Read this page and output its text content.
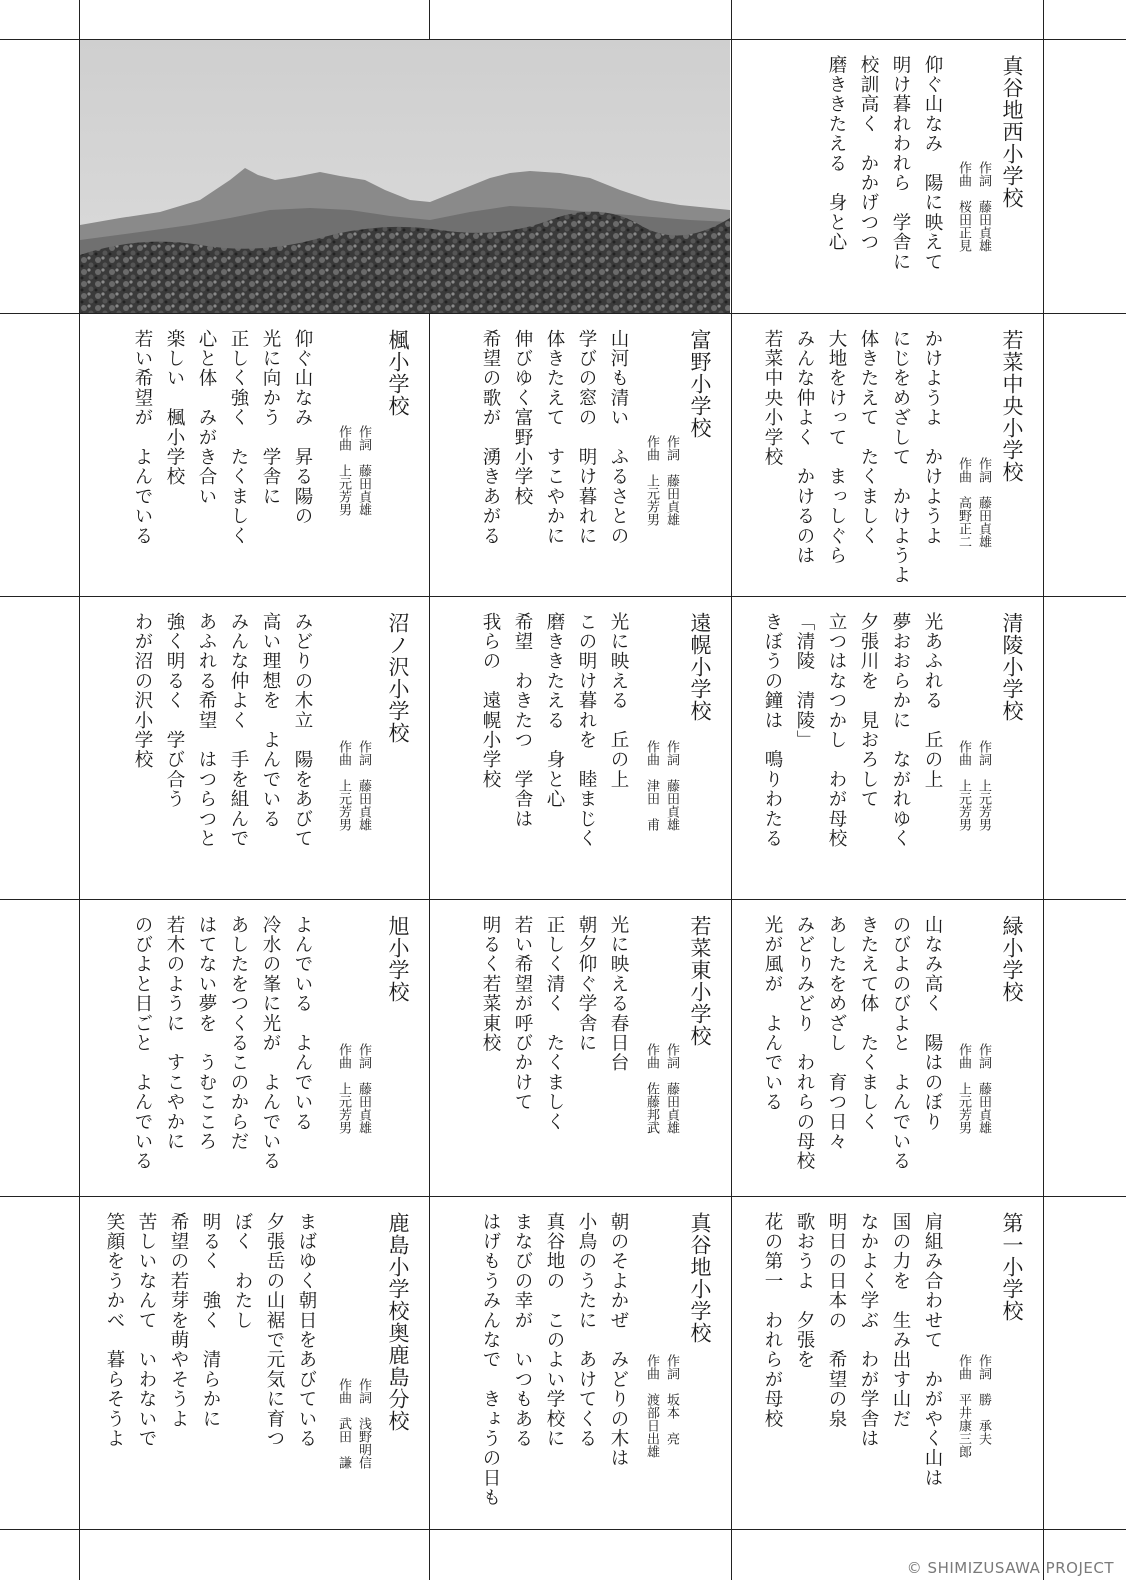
真谷地西小学校
作詞　藤田貞雄
作曲　桜田正見
仰ぐ山なみ　陽に映えて
明け暮れわれら　学舎に
校訓高く　かかげつつ
磨ききたえる　身と心
若菜中央小学校
作詞　藤田貞雄
作曲　高野正二
かけようよ　かけようよ
にじをめざして　かけようよ
体きたえて　たくましく
大地をけって　まっしぐら
みんな仲よく　かけるのは
若菜中央小学校
富野小学校
作詞　藤田貞雄
作曲　上元芳男
山河も清い　ふるさとの
学びの窓の　明け暮れに
体きたえて　すこやかに
伸びゆく富野小学校
希望の歌が　湧きあがる
楓小学校
作詞　藤田貞雄
作曲　上元芳男
仰ぐ山なみ　昇る陽の
光に向かう　学舎に
正しく強く　たくましく
心と体　みがき合い
楽しい　楓小学校
若い希望が　よんでいる
清陵小学校
作詞　上元芳男
作曲　上元芳男
光あふれる　丘の上
夢おおらかに　ながれゆく
夕張川を　見おろして
立つはなつかし　わが母校
「清陵　清陵」
きぼうの鐘は　鳴りわたる
遠幌小学校
作詞　藤田貞雄
作曲　津田　甫
光に映える　丘の上
この明け暮れを　睦まじく
磨ききたえる　身と心
希望　わきたつ　学舎は
我らの　遠幌小学校
沼ノ沢小学校
作詞　藤田貞雄
作曲　上元芳男
みどりの木立　陽をあびて
高い理想を　よんでいる
みんな仲よく　手を組んで
あふれる希望　はつらつと
強く明るく　学び合う
わが沼の沢小学校
緑小学校
作詞　藤田貞雄
作曲　上元芳男
山なみ高く　陽はのぼり
のびよのびよと　よんでいる
きたえて体　たくましく
あしたをめざし　育つ日々
みどりみどり　われらの母校
光が風が　よんでいる
若菜東小学校
作詞　藤田貞雄
作曲　佐藤邦武
光に映える春日台
朝夕仰ぐ学舎に
正しく清く　たくましく
若い希望が呼びかけて
明るく若菜東校
旭小学校
作詞　藤田貞雄
作曲　上元芳男
よんでいる　よんでいる
冷水の峯に光が　よんでいる
あしたをつくるこのからだ
はてない夢を　うむこころ
若木のように　すこやかに
のびよと日ごと　よんでいる
第一小学校
作詞　勝　承夫
作曲　平井康三郎
肩組み合わせて　かがやく山は
国の力を　生み出す山だ
なかよく学ぶ　わが学舎は
明日の日本の　希望の泉
歌おうよ　夕張を
花の第一　われらが母校
真谷地小学校
作詞　坂本　亮
作曲　渡部日出雄
朝のそよかぜ　みどりの木は
小鳥のうたに　あけてくる
真谷地の　このよい学校に
まなびの幸が　いつもある
はげもうみんなで　きょうの日も
鹿島小学校奥鹿島分校
作詞　浅野明信
作曲　武田　謙
まばゆく朝日をあびている
夕張岳の山裾で元気に育つ
ぼく　わたし
明るく　強く　清らかに
希望の若芽を萌やそうよ
苦しいなんて　いわないで
笑顔をうかべ　暮らそうよ
© SHIMIZUSAWA PROJECT
